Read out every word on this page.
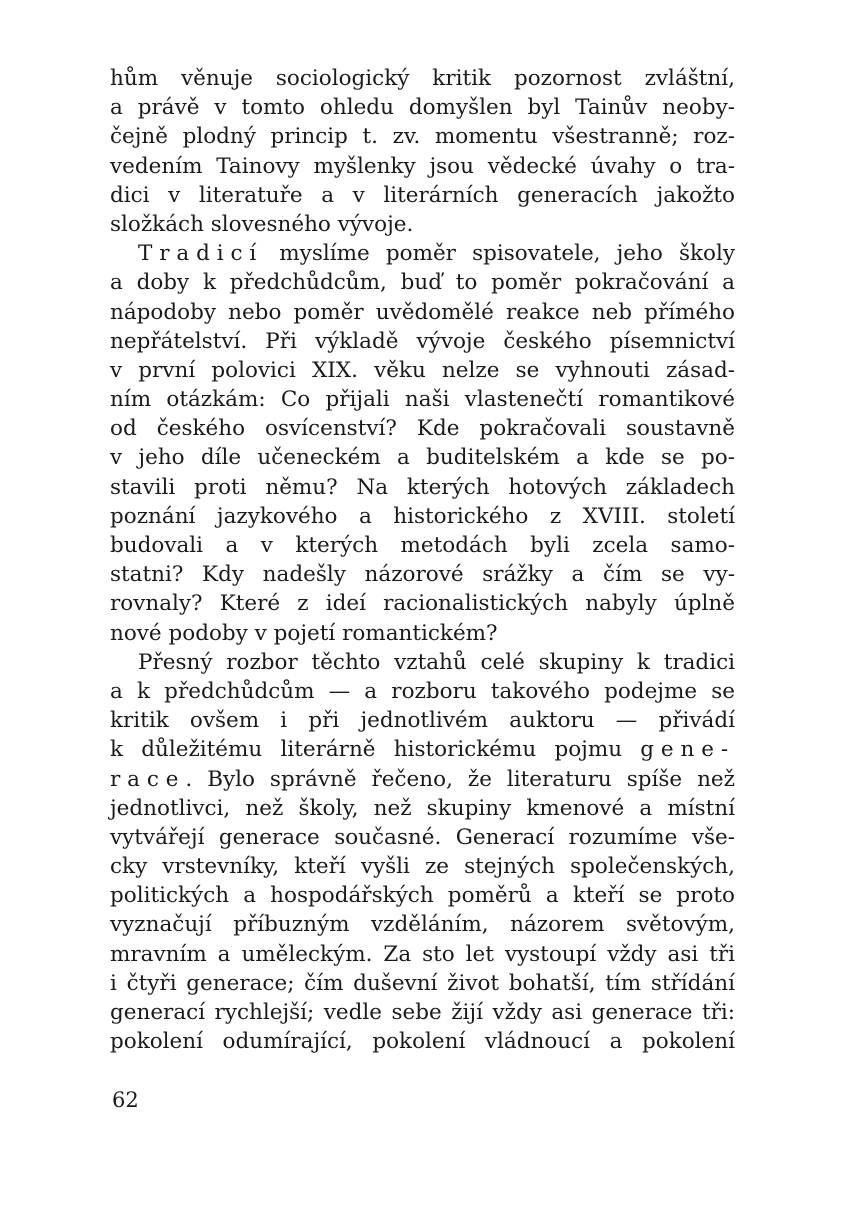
hům věnuje sociologický kritik pozornost zvláštní,
a právě v tomto ohledu domyšlen byl Tainův neoby-
čejně plodný princip t. zv. momentu všestranně; roz-
vedením Tainovy myšlenky jsou vědecké úvahy o tra-
dici v literatuře a v literárních generacích jakožto
složkách slovesného vývoje.
Tradicí myslíme poměr spisovatele, jeho školy
a doby k předchůdcům, buď to poměr pokračování a
nápodoby nebo poměr uvědomělé reakce neb přímého
nepřátelství. Při výkladě vývoje českého písemnictví
v první polovici XIX. věku nelze se vyhnouti zásad-
ním otázkám: Co přijali naši vlastenečtí romantikové
od českého osvícenství? Kde pokračovali soustavně
v jeho díle učeneckém a buditelském a kde se po-
stavili proti němu? Na kterých hotových základech
poznání jazykového a historického z XVIII. století
budovali a v kterých metodách byli zcela samo-
statni? Kdy nadešly názorové srážky a čím se vy-
rovnaly? Které z ideí racionalistických nabyly úplně
nové podoby v pojetí romantickém?
Přesný rozbor těchto vztahů celé skupiny k tradici
a k předchůdcům — a rozboru takového podejme se
kritik ovšem i při jednotlivém auktoru — přivádí
k důležitému literárně historickému pojmu gene-
race. Bylo správně řečeno, že literaturu spíše než
jednotlivci, než školy, než skupiny kmenové a místní
vytvářejí generace současné. Generací rozumíme vše-
cky vrstevníky, kteří vyšli ze stejných společenských,
politických a hospodářských poměrů a kteří se proto
vyznačují příbuzným vzděláním, názorem světovým,
mravním a uměleckým. Za sto let vystoupí vždy asi tři
i čtyři generace; čím duševní život bohatší, tím střídání
generací rychlejší; vedle sebe žijí vždy asi generace tři:
pokolení odumírající, pokolení vládnoucí a pokolení
62
